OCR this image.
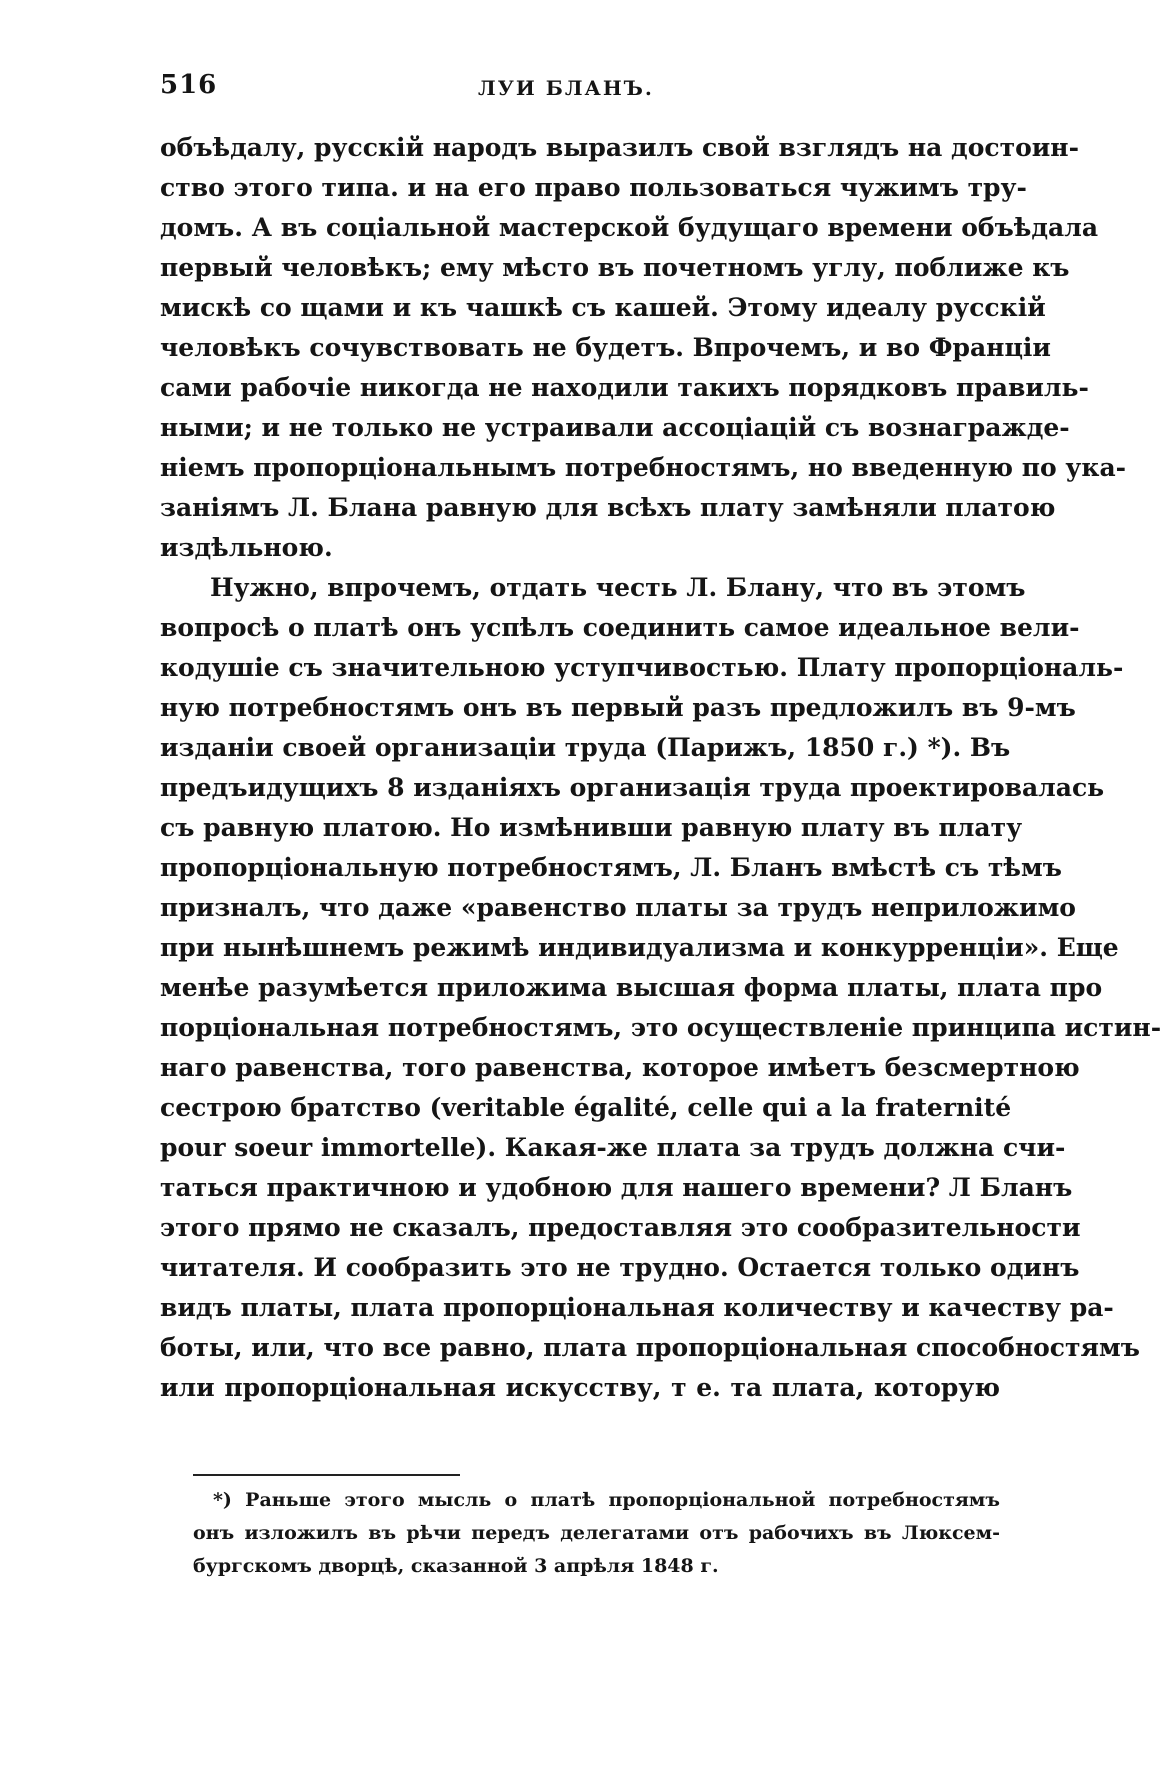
516	ЛУИ БЛАНЪ.
объѣдалу, русскій народъ выразилъ свой взглядъ на достоин-
ство этого типа. и на его право пользоваться чужимъ тру-
домъ. А въ соціальной мастерской будущаго времени объѣдала
первый человѣкъ; ему мѣсто въ почетномъ углу, поближе къ
мискѣ со щами и къ чашкѣ съ кашей. Этому идеалу русскій
человѣкъ сочувствовать не будетъ. Впрочемъ, и во Франціи
сами рабочіе никогда не находили такихъ порядковъ правиль-
ными; и не только не устраивали ассоціацій съ вознагражде-
ніемъ пропорціональнымъ потребностямъ, но введенную по ука-
заніямъ Л. Блана равную для всѣхъ плату замѣняли платою
издѣльною.
Нужно, впрочемъ, отдать честь Л. Блану, что въ этомъ
вопросѣ о платѣ онъ успѣлъ соединить самое идеальное вели-
кодушіе съ значительною уступчивостью. Плату пропорціональ-
ную потребностямъ онъ въ первый разъ предложилъ въ 9-мъ
изданіи своей организаціи труда (Парижъ, 1850 г.) *). Въ
предъидущихъ 8 изданіяхъ организація труда проектировалась
съ равную платою. Но измѣнивши равную плату въ плату
пропорціональную потребностямъ, Л. Бланъ вмѣстѣ съ тѣмъ
призналъ, что даже «равенство платы за трудъ неприложимо
при нынѣшнемъ режимѣ индивидуализма и конкурренціи». Еще
менѣе разумѣется приложима высшая форма платы, плата про
порціональная потребностямъ, это осуществленіе принципа истин-
наго равенства, того равенства, которое имѣетъ безсмертною
сестрою братство (veritable égalité, celle qui a la fraternité
pour soeur immortelle). Какая-же плата за трудъ должна счи-
таться практичною и удобною для нашего времени? Л Бланъ
этого прямо не сказалъ, предоставляя это сообразительности
читателя. И сообразить это не трудно. Остается только одинъ
видъ платы, плата пропорціональная количеству и качеству ра-
боты, или, что все равно, плата пропорціональная способностямъ
или пропорціональная искусству, т е. та плата, которую
*) Раньше этого мысль о платѣ пропорціональной потребностямъ
онъ изложилъ въ рѣчи передъ делегатами отъ рабочихъ въ Люксем-
бургскомъ дворцѣ, сказанной 3 апрѣля 1848 г.
